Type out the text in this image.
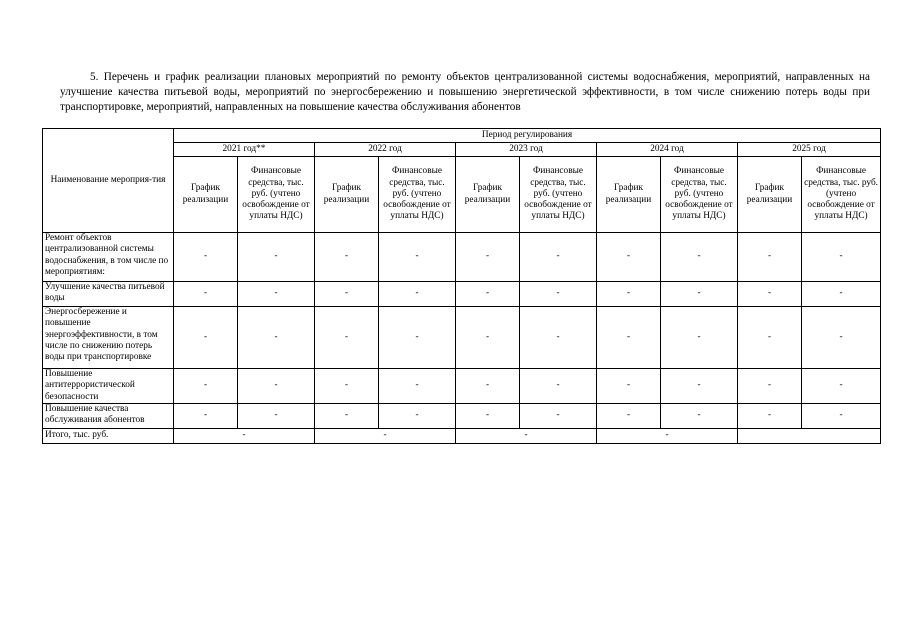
5. Перечень и график реализации плановых мероприятий по ремонту объектов централизованной системы водоснабжения, мероприятий, направленных на улучшение качества питьевой воды, мероприятий по энергосбережению и повышению энергетической эффективности, в том числе снижению потерь воды при транспортировке, мероприятий, направленных на повышение качества обслуживания абонентов
Наименование мероприя-тия	Период регулирования									
	2021 год**		2022 год		2023 год		2024 год		2025 год	
	График реализации	Финансовые средства, тыс. руб. (учтено освобождение от уплаты НДС)	График реализации	Финансовые средства, тыс. руб. (учтено освобождение от уплаты НДС)	График реализации	Финансовые средства, тыс. руб. (учтено освобождение от уплаты НДС)	График реализации	Финансовые средства, тыс. руб. (учтено освобождение от уплаты НДС)	График реализации	Финансовые средства, тыс. руб. (учтено освобождение от уплаты НДС)
Ремонт объектов централизованной системы водоснабжения, в том числе по мероприятиям:	-	-	-	-	-	-	-	-	-	-
Улучшение качества питьевой воды	-	-	-	-	-	-	-	-	-	-
Энергосбережение и повышение энергоэффективности, в том числе по снижению потерь воды при транспортировке	-	-	-	-	-	-	-	-	-	-
Повышение антитеррористической безопасности	-	-	-	-	-	-	-	-	-	-
Повышение качества обслуживания абонентов	-	-	-	-	-	-	-	-	-	-
Итого, тыс. руб.	-		-		-		-			
